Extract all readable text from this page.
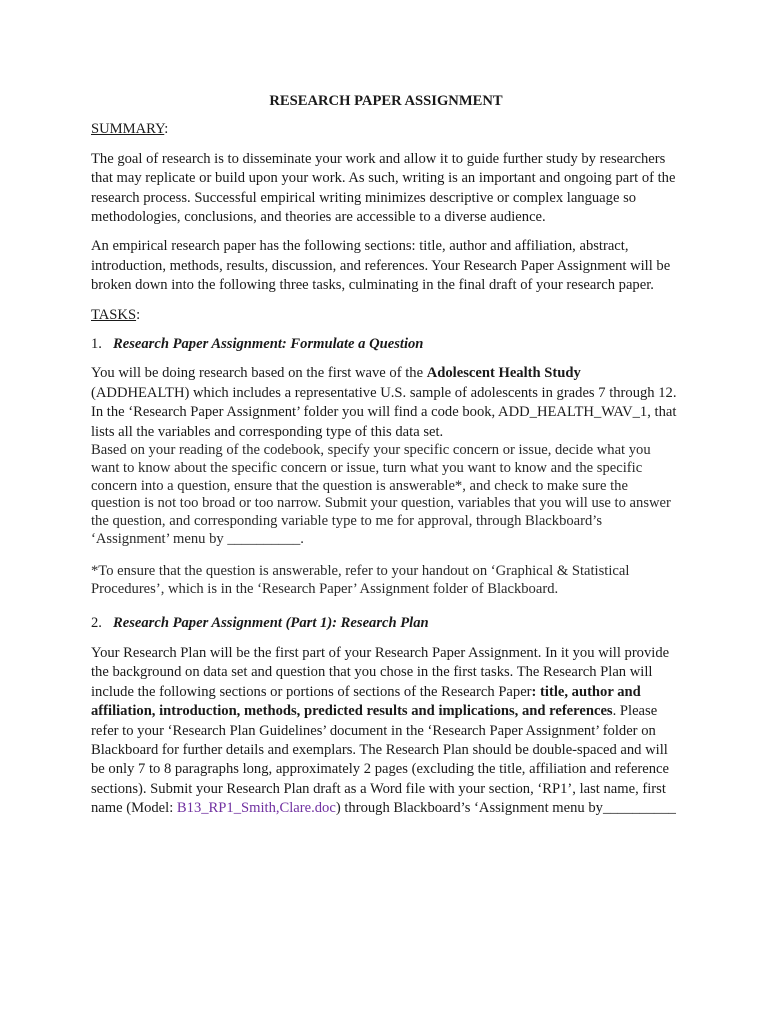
RESEARCH PAPER ASSIGNMENT
SUMMARY:

The goal of research is to disseminate your work and allow it to guide further study by researchers that may replicate or build upon your work. As such, writing is an important and ongoing part of the research process. Successful empirical writing minimizes descriptive or complex language so methodologies, conclusions, and theories are accessible to a diverse audience.

An empirical research paper has the following sections: title, author and affiliation, abstract, introduction, methods, results, discussion, and references. Your Research Paper Assignment will be broken down into the following three tasks, culminating in the final draft of your research paper.

TASKS:
1. Research Paper Assignment: Formulate a Question
You will be doing research based on the first wave of the Adolescent Health Study (ADDHEALTH) which includes a representative U.S. sample of adolescents in grades 7 through 12. In the ‘Research Paper Assignment’ folder you will find a code book, ADD_HEALTH_WAV_1, that lists all the variables and corresponding type of this data set.
Based on your reading of the codebook, specify your specific concern or issue, decide what you want to know about the specific concern or issue, turn what you want to know and the specific concern into a question, ensure that the question is answerable*, and check to make sure the question is not too broad or too narrow. Submit your question, variables that you will use to answer the question, and corresponding variable type to me for approval, through Blackboard’s ‘Assignment’ menu by __________.

*To ensure that the question is answerable, refer to your handout on ‘Graphical & Statistical Procedures’, which is in the ‘Research Paper’ Assignment folder of Blackboard.

2. Research Paper Assignment (Part 1): Research Plan

Your Research Plan will be the first part of your Research Paper Assignment. In it you will provide the background on data set and question that you chose in the first tasks. The Research Plan will include the following sections or portions of sections of the Research Paper: title, author and affiliation, introduction, methods, predicted results and implications, and references. Please refer to your ‘Research Plan Guidelines’ document in the ‘Research Paper Assignment’ folder on Blackboard for further details and exemplars. The Research Plan should be double-spaced and will be only 7 to 8 paragraphs long, approximately 2 pages (excluding the title, affiliation and reference sections). Submit your Research Plan draft as a Word file with your section, ‘RP1’, last name, first name (Model: B13_RP1_Smith,Clare.doc) through Blackboard’s ‘Assignment menu by__________
